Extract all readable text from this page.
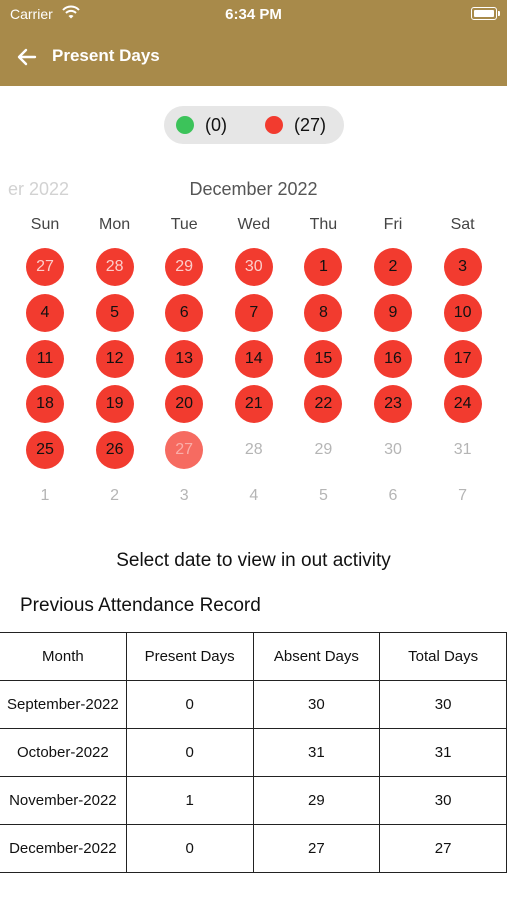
Carrier	6:34 PM
Present Days
(0)	(27)
er 2022	December 2022
Sun	Mon	Tue	Wed	Thu	Fri	Sat
27	28	29	30	1	2	3
4	5	6	7	8	9	10
11	12	13	14	15	16	17
18	19	20	21	22	23	24
25	26	27	28	29	30	31
1	2	3	4	5	6	7
Select date to view in out activity
Previous Attendance Record
Month	Present Days	Absent Days	Total Days
September-2022	0	30	30
October-2022	0	31	31
November-2022	1	29	30
December-2022	0	27	27
